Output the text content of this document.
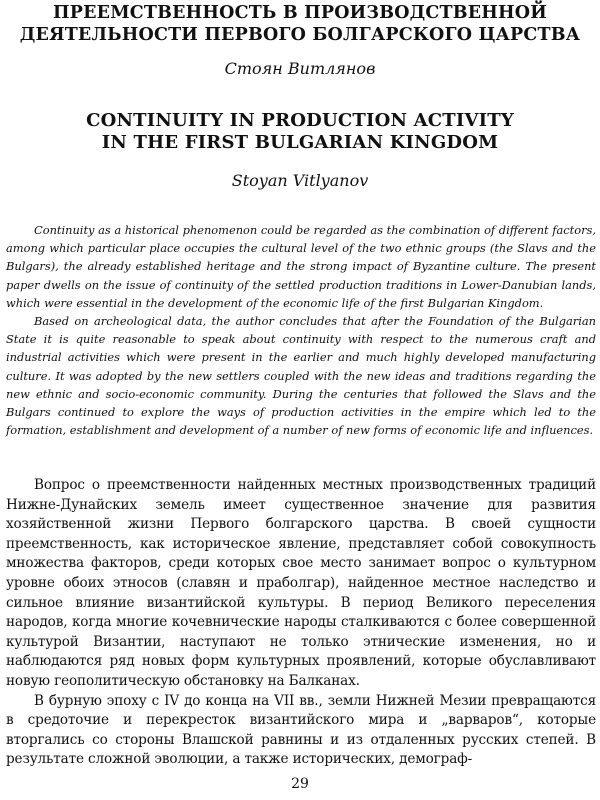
ПРЕЕМСТВЕННОСТЬ В ПРОИЗВОДСТВЕННОЙ
ДЕЯТЕЛЬНОСТИ ПЕРВОГО БОЛГАРСКОГО ЦАРСТВА
Стоян Витлянов
CONTINUITY IN PRODUCTION ACTIVITY
IN THE FIRST BULGARIAN KINGDOM
Stoyan Vitlyanov

Continuity as a historical phenomenon could be regarded as the combination of different factors, among which particular place occupies the cultural level of the two ethnic groups (the Slavs and the Bulgars), the already established heritage and the strong impact of Byzantine culture. The present paper dwells on the issue of continuity of the settled production traditions in Lower-Danubian lands, which were essential in the development of the economic life of the first Bulgarian Kingdom.

Based on archeological data, the author concludes that after the Foundation of the Bulgarian State it is quite reasonable to speak about continuity with respect to the numerous craft and industrial activities which were present in the earlier and much highly developed manufacturing culture. It was adopted by the new settlers coupled with the new ideas and traditions regarding the new ethnic and socio-economic community. During the centuries that followed the Slavs and the Bulgars continued to explore the ways of production activities in the empire which led to the formation, establishment and development of a number of new forms of economic life and influences.

Вопрос о преемственности найденных местных производственных традиций Нижне-Дунайских земель имеет существенное значение для развития хозяйственной жизни Первого болгарского царства. В своей сущности преемственность, как историческое явление, представляет собой совокупность множества факторов, среди которых свое место занимает вопрос о культурном уровне обоих этносов (славян и праболгар), найденное местное наследство и сильное влияние византийской культуры. В период Великого переселения народов, когда многие кочевнические народы сталкиваются с более совершенной культурой Византии, наступают не только этнические изменения, но и наблюдаются ряд новых форм культурных проявлений, которые обуславливают новую геополитическую обстановку на Балканах.

В бурную эпоху с IV до конца на VII вв., земли Нижней Мезии превращаются в средоточие и перекресток византийского мира и „варваров“, которые вторгались со стороны Влашской равнины и из отдаленных русских степей. В результате сложной эволюции, а также исторических, демограф-

29
